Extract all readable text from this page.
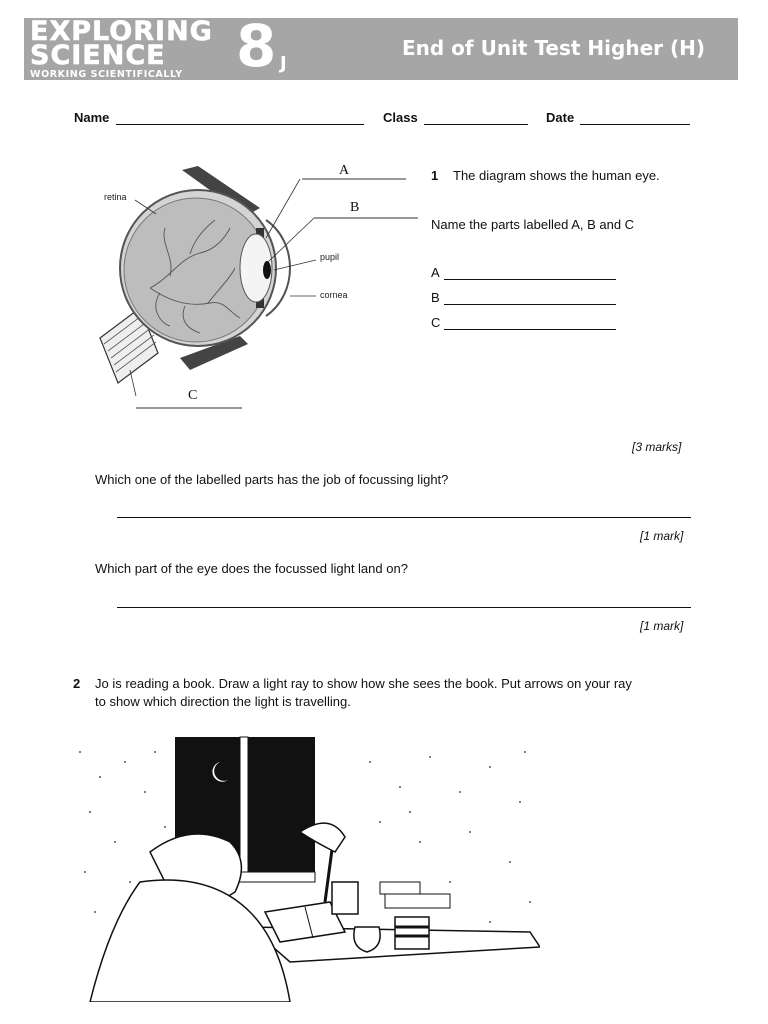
EXPLORING
SCIENCE
WORKING SCIENTIFICALLY 8 J
End of Unit Test Higher (H)
Name	Class	Date
A
B
C
retina
pupil
cornea
1 The diagram shows the human eye.
Name the parts labelled A, B and C
A
B
C
[3 marks]
Which one of the labelled parts has the job of focussing light?
[1 mark]
Which part of the eye does the focussed light land on?
[1 mark]
2 Jo is reading a book. Draw a light ray to show how she sees the book. Put arrows on your ray
to show which direction the light is travelling.
